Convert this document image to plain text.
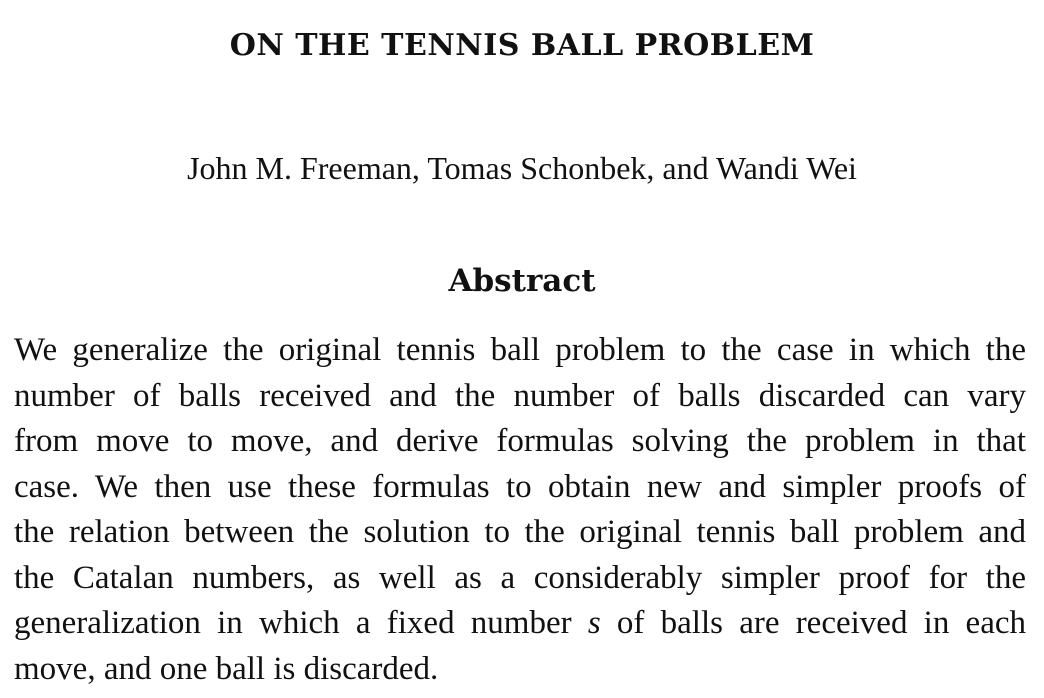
ON THE TENNIS BALL PROBLEM
John M. Freeman, Tomas Schonbek, and Wandi Wei
Abstract
We generalize the original tennis ball problem to the case in which the
number of balls received and the number of balls discarded can vary
from move to move, and derive formulas solving the problem in that
case. We then use these formulas to obtain new and simpler proofs of
the relation between the solution to the original tennis ball problem and
the Catalan numbers, as well as a considerably simpler proof for the
generalization in which a fixed number s of balls are received in each
move, and one ball is discarded.
